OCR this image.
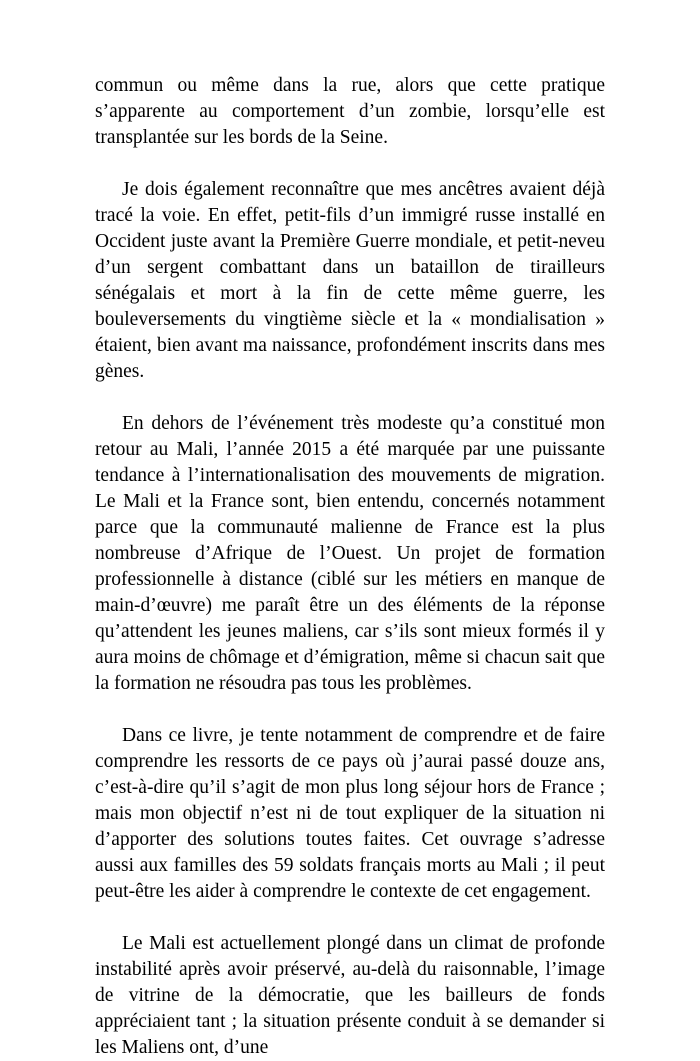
commun ou même dans la rue, alors que cette pratique s’apparente au comportement d’un zombie, lorsqu’elle est transplantée sur les bords de la Seine.

Je dois également reconnaître que mes ancêtres avaient déjà tracé la voie. En effet, petit-fils d’un immigré russe installé en Occident juste avant la Première Guerre mondiale, et petit-neveu d’un sergent combattant dans un bataillon de tirailleurs sénégalais et mort à la fin de cette même guerre, les bouleversements du vingtième siècle et la « mondialisation » étaient, bien avant ma naissance, profondément inscrits dans mes gènes.

En dehors de l’événement très modeste qu’a constitué mon retour au Mali, l’année 2015 a été marquée par une puissante tendance à l’internationalisation des mouvements de migration. Le Mali et la France sont, bien entendu, concernés notamment parce que la communauté malienne de France est la plus nombreuse d’Afrique de l’Ouest. Un projet de formation professionnelle à distance (ciblé sur les métiers en manque de main-d’œuvre) me paraît être un des éléments de la réponse qu’attendent les jeunes maliens, car s’ils sont mieux formés il y aura moins de chômage et d’émigration, même si chacun sait que la formation ne résoudra pas tous les problèmes.

Dans ce livre, je tente notamment de comprendre et de faire comprendre les ressorts de ce pays où j’aurai passé douze ans, c’est-à-dire qu’il s’agit de mon plus long séjour hors de France ; mais mon objectif n’est ni de tout expliquer de la situation ni d’apporter des solutions toutes faites. Cet ouvrage s’adresse aussi aux familles des 59 soldats français morts au Mali ; il peut peut-être les aider à comprendre le contexte de cet engagement.

Le Mali est actuellement plongé dans un climat de profonde instabilité après avoir préservé, au-delà du raisonnable, l’image de vitrine de la démocratie, que les bailleurs de fonds appréciaient tant ; la situation présente conduit à se demander si les Maliens ont, d’une
